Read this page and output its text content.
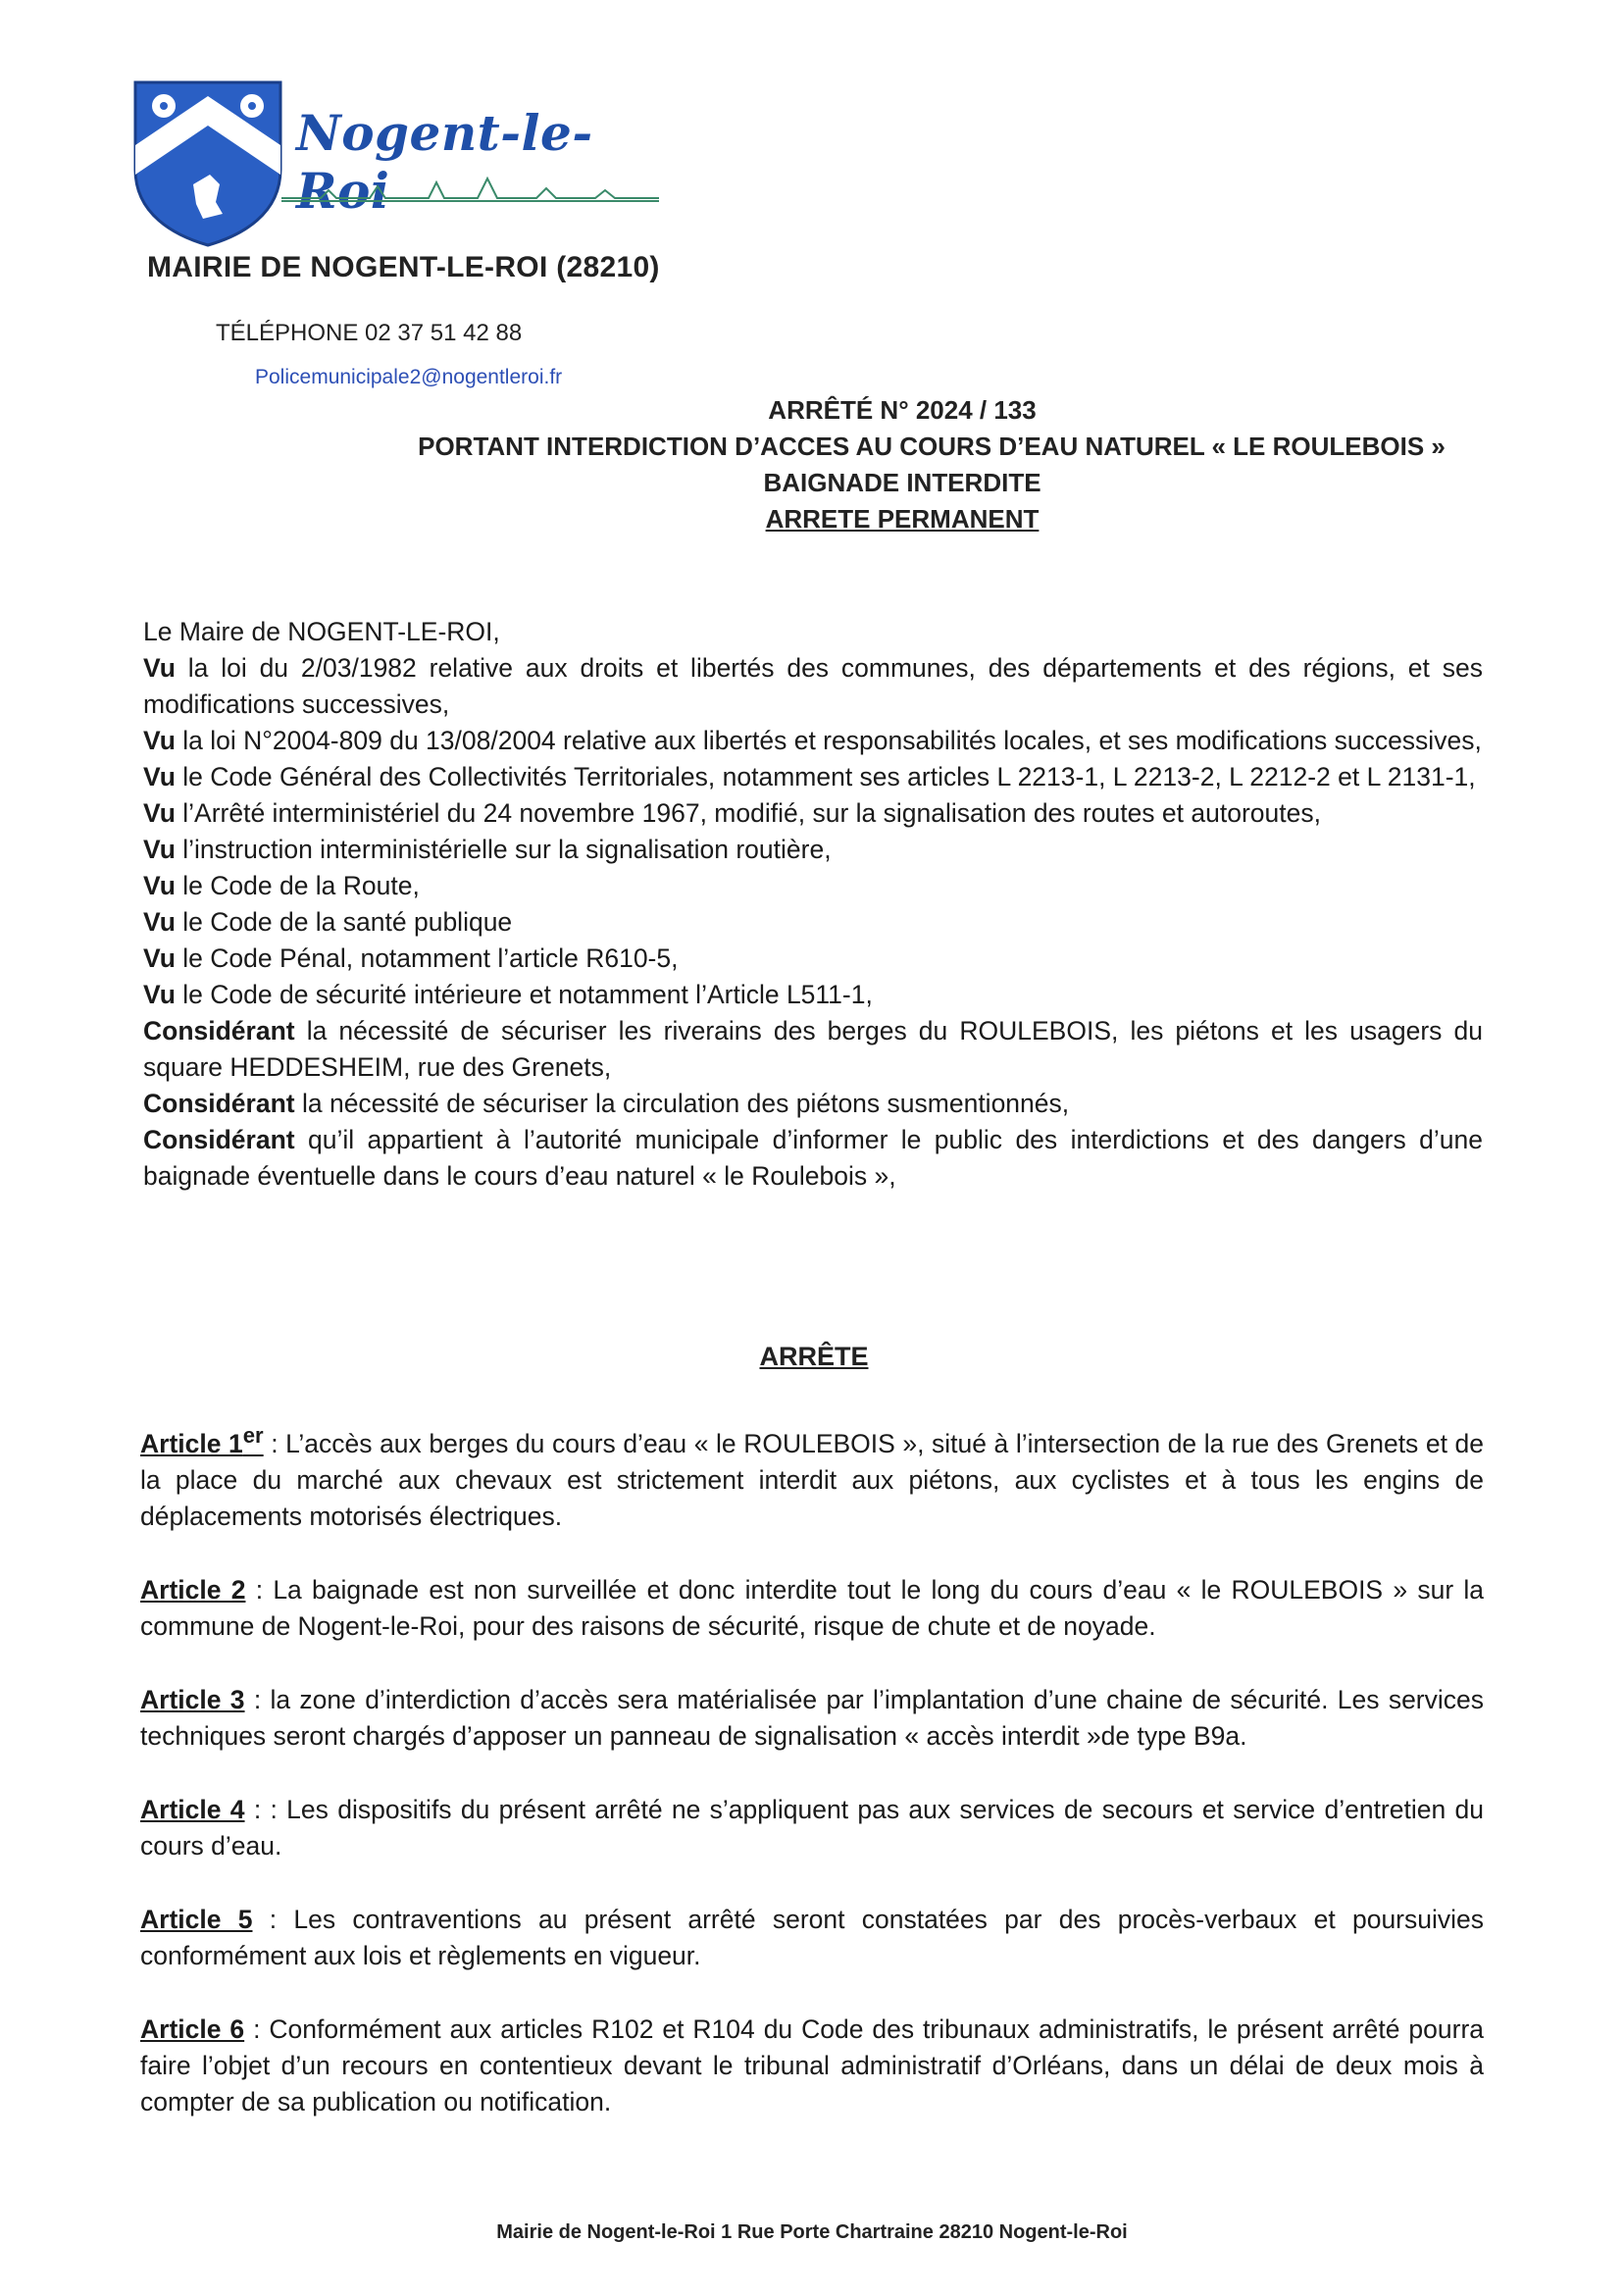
Nogent-le-Roi
MAIRIE DE NOGENT-LE-ROI (28210)
TÉLÉPHONE 02 37 51 42 88
Policemunicipale2@nogentleroi.fr
ARRÊTÉ N° 2024 / 133
PORTANT INTERDICTION D’ACCES AU COURS D’EAU NATUREL « LE ROULEBOIS »
BAIGNADE INTERDITE
ARRETE PERMANENT

Le Maire de NOGENT-LE-ROI,

Vu la loi du 2/03/1982 relative aux droits et libertés des communes, des départements et des régions, et ses modifications successives,

Vu la loi N°2004-809 du 13/08/2004 relative aux libertés et responsabilités locales, et ses modifications successives,

Vu le Code Général des Collectivités Territoriales, notamment ses articles L 2213-1, L 2213-2, L 2212-2 et L 2131-1,

Vu l’Arrêté interministériel du 24 novembre 1967, modifié, sur la signalisation des routes et autoroutes,

Vu l’instruction interministérielle sur la signalisation routière,

Vu le Code de la Route,

Vu le Code de la santé publique

Vu le Code Pénal, notamment l’article R610-5,

Vu le Code de sécurité intérieure et notamment l’Article L511-1,

Considérant la nécessité de sécuriser les riverains des berges du ROULEBOIS, les piétons et les usagers du square HEDDESHEIM, rue des Grenets,

Considérant la nécessité de sécuriser la circulation des piétons susmentionnés,

Considérant qu’il appartient à l’autorité municipale d’informer le public des interdictions et des dangers d’une baignade éventuelle dans le cours d’eau naturel « le Roulebois »,

ARRÊTE

Article 1er : L’accès aux berges du cours d’eau « le ROULEBOIS », situé à l’intersection de la rue des Grenets et de la place du marché aux chevaux est strictement interdit aux piétons, aux cyclistes et à tous les engins de déplacements motorisés électriques.

Article 2 : La baignade est non surveillée et donc interdite tout le long du cours d’eau « le ROULEBOIS » sur la commune de Nogent-le-Roi, pour des raisons de sécurité, risque de chute et de noyade.

Article 3 : la zone d’interdiction d’accès sera matérialisée par l’implantation d’une chaine de sécurité. Les services techniques seront chargés d’apposer un panneau de signalisation « accès interdit »de type B9a.

Article 4 : : Les dispositifs du présent arrêté ne s’appliquent pas aux services de secours et service d’entretien du cours d’eau.

Article 5 : Les contraventions au présent arrêté seront constatées par des procès-verbaux et poursuivies conformément aux lois et règlements en vigueur.

Article 6 : Conformément aux articles R102 et R104 du Code des tribunaux administratifs, le présent arrêté pourra faire l’objet d’un recours en contentieux devant le tribunal administratif d’Orléans, dans un délai de deux mois à compter de sa publication ou notification.

Mairie de Nogent-le-Roi 1 Rue Porte Chartraine 28210 Nogent-le-Roi
